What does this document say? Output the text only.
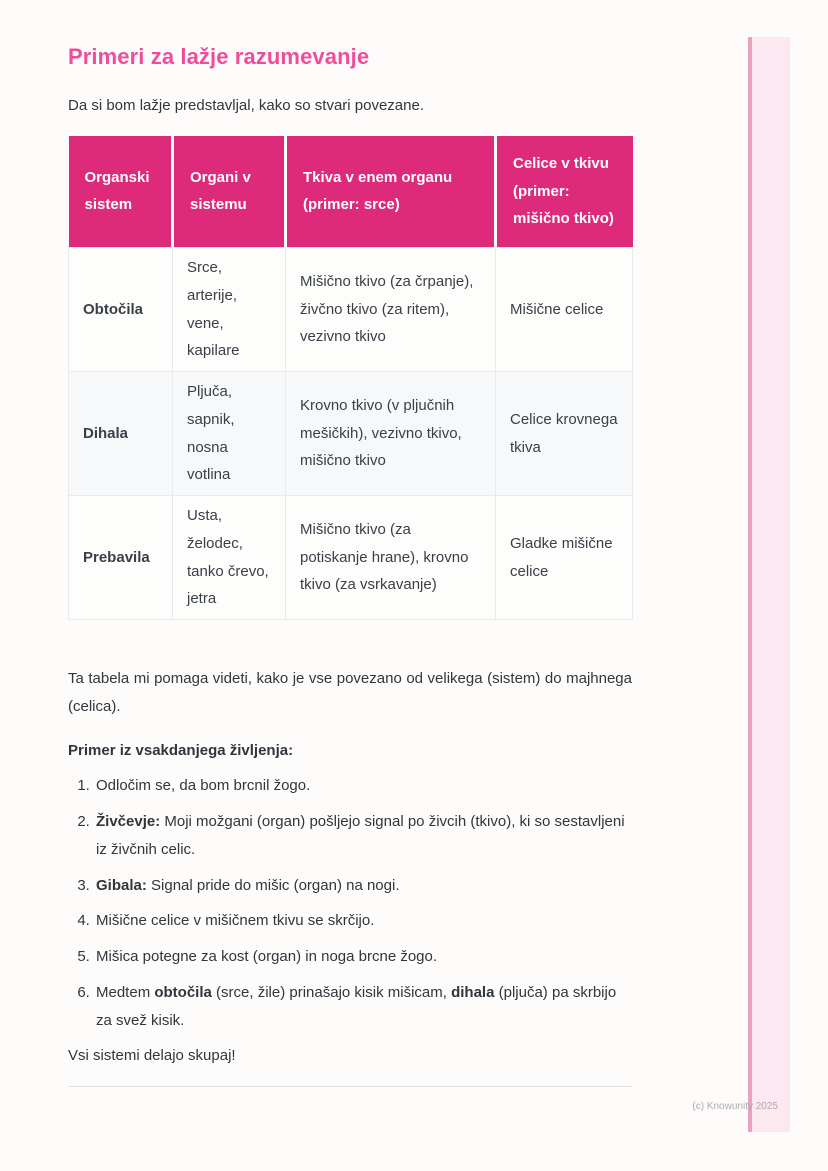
Primeri za lažje razumevanje

Da si bom lažje predstavljal, kako so stvari povezane.

Organski sistem	Organi v sistemu	Tkiva v enem organu (primer: srce)	Celice v tkivu (primer: mišično tkivo)
Obtočila	Srce, arterije, vene, kapilare	Mišično tkivo (za črpanje), živčno tkivo (za ritem), vezivno tkivo	Mišične celice
Dihala	Pljuča, sapnik, nosna votlina	Krovno tkivo (v pljučnih mešičkih), vezivno tkivo, mišično tkivo	Celice krovnega tkiva
Prebavila	Usta, želodec, tanko črevo, jetra	Mišično tkivo (za potiskanje hrane), krovno tkivo (za vsrkavanje)	Gladke mišične celice

Ta tabela mi pomaga videti, kako je vse povezano od velikega (sistem) do majhnega (celica).

Primer iz vsakdanjega življenja:

1. Odločim se, da bom brcnil žogo.
2. Živčevje: Moji možgani (organ) pošljejo signal po živcih (tkivo), ki so sestavljeni iz živčnih celic.
3. Gibala: Signal pride do mišic (organ) na nogi.
4. Mišične celice v mišičnem tkivu se skrčijo.
5. Mišica potegne za kost (organ) in noga brcne žogo.
6. Medtem obtočila (srce, žile) prinašajo kisik mišicam, dihala (pljuča) pa skrbijo za svež kisik.

Vsi sistemi delajo skupaj!

(c) Knowunity 2025
